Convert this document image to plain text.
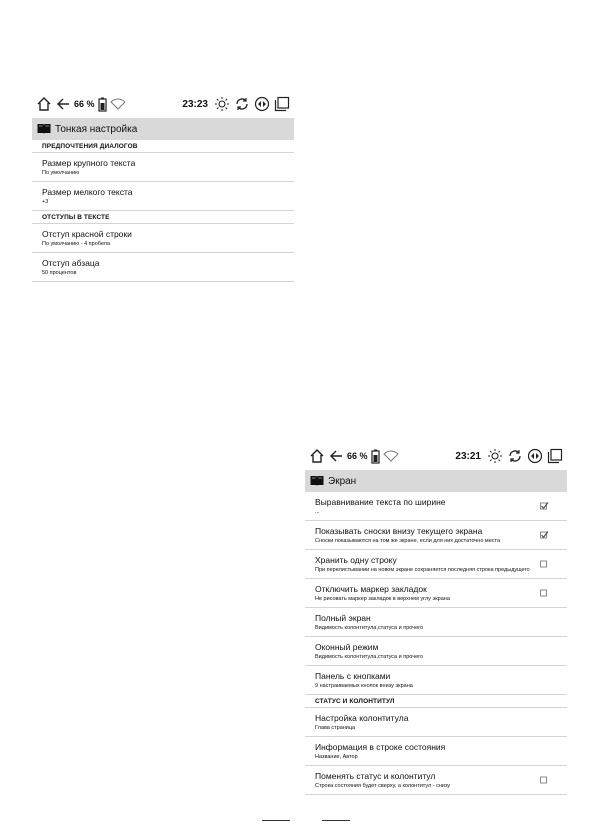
66 %	23:23
Тонкая настройка
ПРЕДПОЧТЕНИЯ ДИАЛОГОВ
Размер крупного текста
По умолчанию
Размер мелкого текста
+3
ОТСТУПЫ В ТЕКСТЕ
Отступ красной строки
По умолчанию - 4 пробела
Отступ абзаца
50 процентов
66 %	23:21
Экран
Выравнивание текста по ширине
...
Показывать сноски внизу текущего экрана
Сноски показываются на том же экране, если для них достаточно места
Хранить одну строку
При перелистывании на новом экране сохраняется последняя строка предыдущего
Отключить маркер закладок
Не рисовать маркер закладок в верхнем углу экрана
Полный экран
Видимость колонтитула,статуса и прочего
Оконный режим
Видимость колонтитула,статуса и прочего
Панель с кнопками
9 настраиваемых кнопок внизу экрана
СТАТУС И КОЛОНТИТУЛ
Настройка колонтитула
Глава страница
Информация в строке состояния
Название, Автор
Поменять статус и колонтитул
Строка состояния будет сверху, а колонтитул - снизу
